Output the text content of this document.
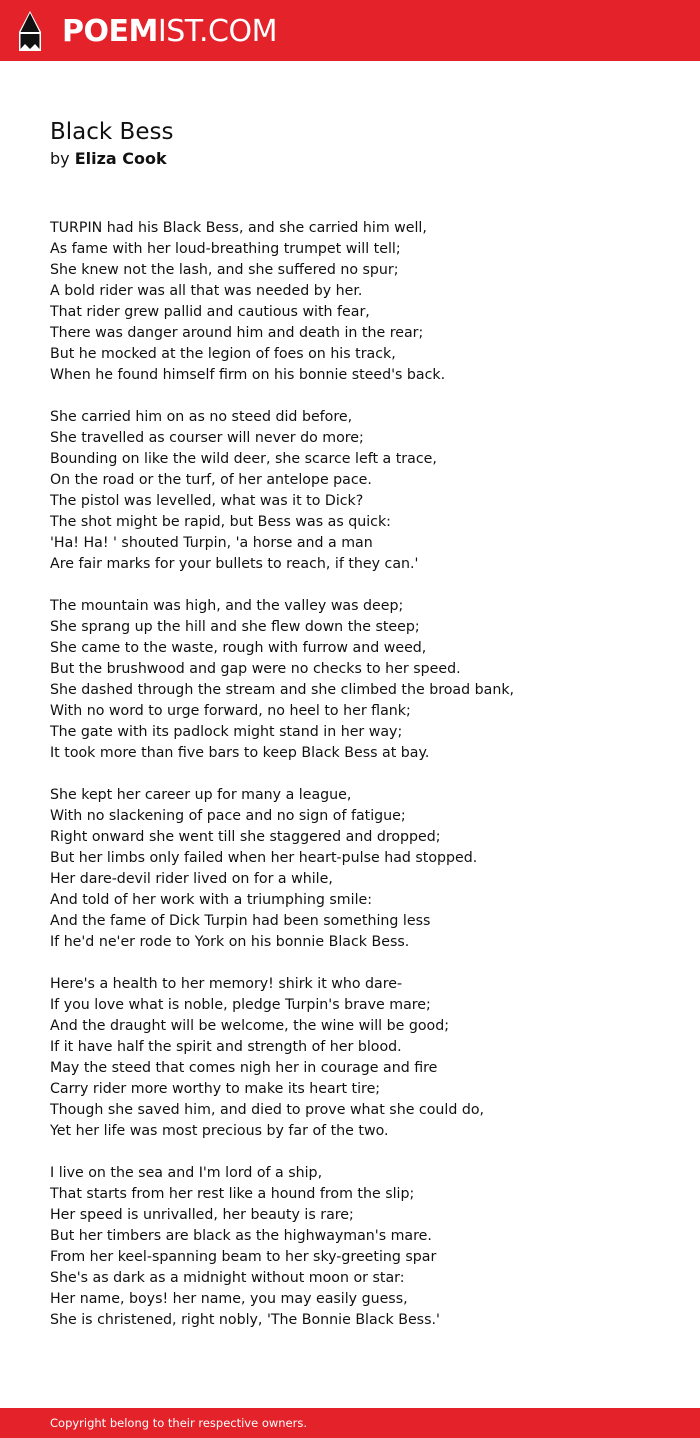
POEMIST.COM
Black Bess
by Eliza Cook
TURPIN had his Black Bess, and she carried him well,
As fame with her loud-breathing trumpet will tell;
She knew not the lash, and she suffered no spur;
A bold rider was all that was needed by her.
That rider grew pallid and cautious with fear,
There was danger around him and death in the rear;
But he mocked at the legion of foes on his track,
When he found himself firm on his bonnie steed's back.
She carried him on as no steed did before,
She travelled as courser will never do more;
Bounding on like the wild deer, she scarce left a trace,
On the road or the turf, of her antelope pace.
The pistol was levelled, what was it to Dick?
The shot might be rapid, but Bess was as quick:
'Ha! Ha! ' shouted Turpin, 'a horse and a man
Are fair marks for your bullets to reach, if they can.'
The mountain was high, and the valley was deep;
She sprang up the hill and she flew down the steep;
She came to the waste, rough with furrow and weed,
But the brushwood and gap were no checks to her speed.
She dashed through the stream and she climbed the broad bank,
With no word to urge forward, no heel to her flank;
The gate with its padlock might stand in her way;
It took more than five bars to keep Black Bess at bay.
She kept her career up for many a league,
With no slackening of pace and no sign of fatigue;
Right onward she went till she staggered and dropped;
But her limbs only failed when her heart-pulse had stopped.
Her dare-devil rider lived on for a while,
And told of her work with a triumphing smile:
And the fame of Dick Turpin had been something less
If he'd ne'er rode to York on his bonnie Black Bess.
Here's a health to her memory! shirk it who dare-
If you love what is noble, pledge Turpin's brave mare;
And the draught will be welcome, the wine will be good;
If it have half the spirit and strength of her blood.
May the steed that comes nigh her in courage and fire
Carry rider more worthy to make its heart tire;
Though she saved him, and died to prove what she could do,
Yet her life was most precious by far of the two.
I live on the sea and I'm lord of a ship,
That starts from her rest like a hound from the slip;
Her speed is unrivalled, her beauty is rare;
But her timbers are black as the highwayman's mare.
From her keel-spanning beam to her sky-greeting spar
She's as dark as a midnight without moon or star:
Her name, boys! her name, you may easily guess,
She is christened, right nobly, 'The Bonnie Black Bess.'
Copyright belong to their respective owners.
